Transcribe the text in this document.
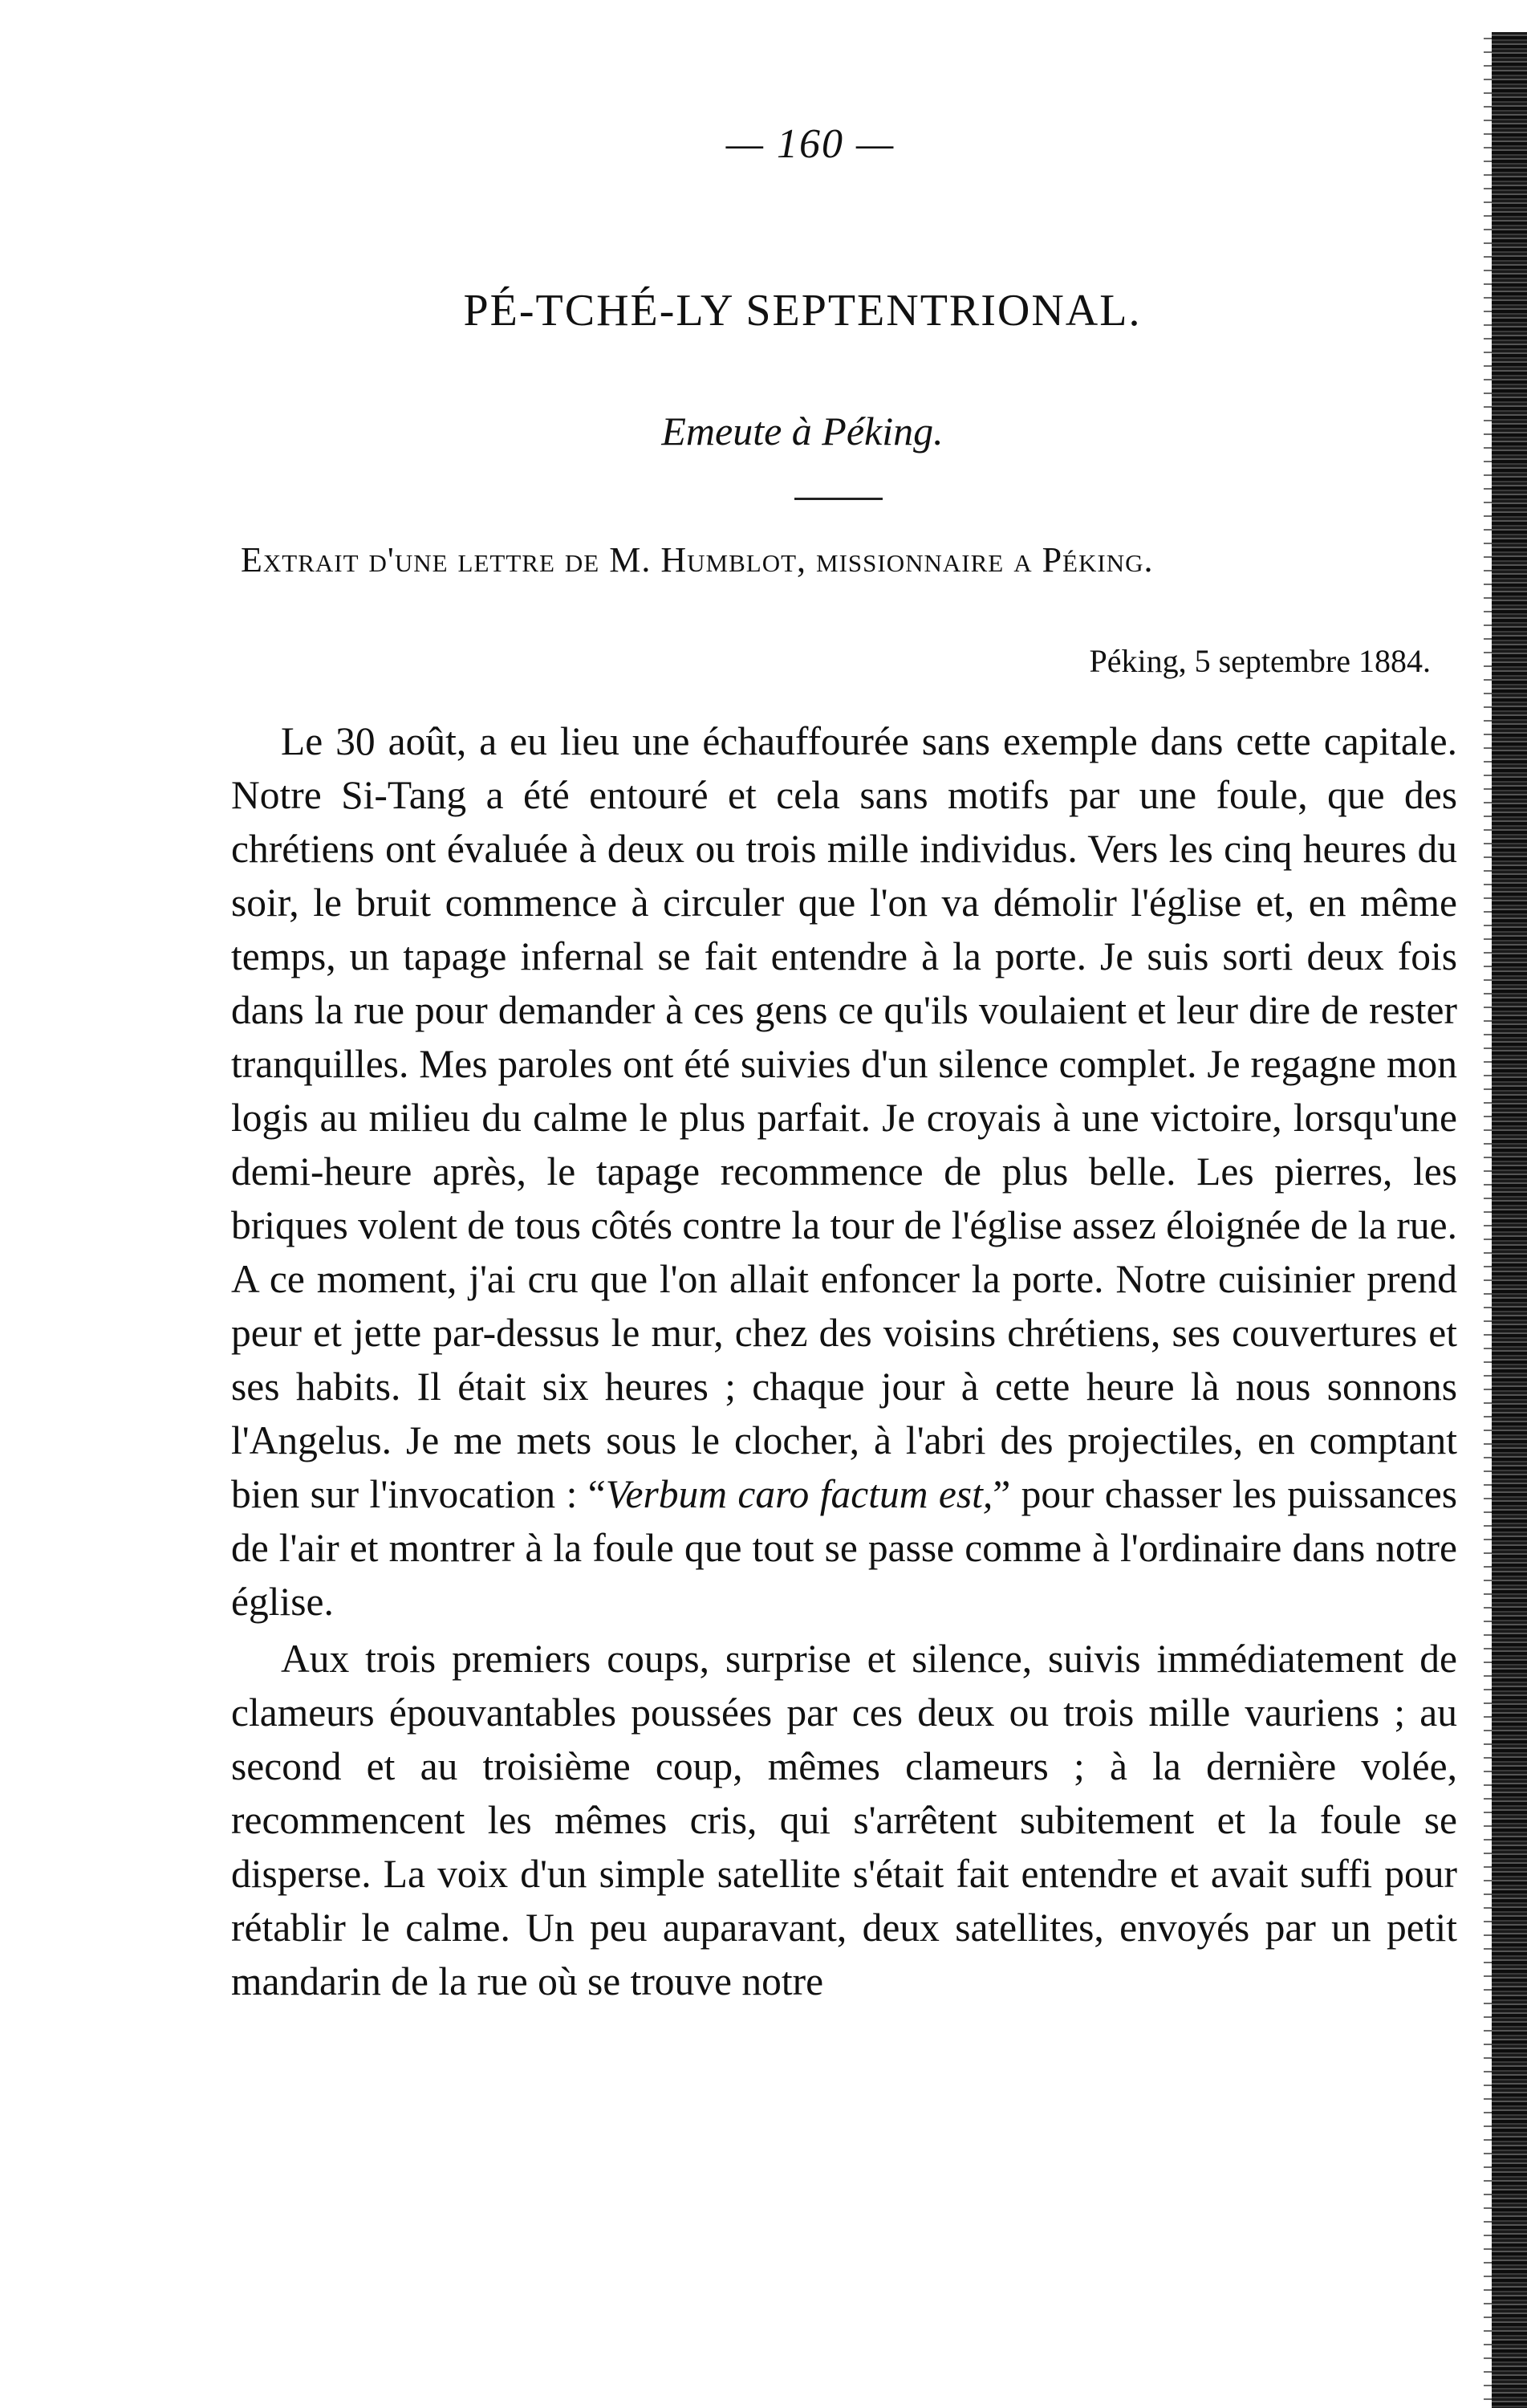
— 160 —
PÉ-TCHÉ-LY SEPTENTRIONAL.
Emeute à Péking.
Extrait d'une lettre de M. Humblot, missionnaire a Péking.
Péking, 5 septembre 1884.

Le 30 août, a eu lieu une échauffourée sans exemple dans cette capitale. Notre Si-Tang a été entouré et cela sans motifs par une foule, que des chrétiens ont évaluée à deux ou trois mille individus. Vers les cinq heures du soir, le bruit commence à circuler que l'on va démolir l'église et, en même temps, un tapage infernal se fait entendre à la porte. Je suis sorti deux fois dans la rue pour demander à ces gens ce qu'ils voulaient et leur dire de rester tranquilles. Mes paroles ont été suivies d'un silence complet. Je regagne mon logis au milieu du calme le plus parfait. Je croyais à une victoire, lorsqu'une demi-heure après, le tapage recommence de plus belle. Les pierres, les briques volent de tous côtés contre la tour de l'église assez éloignée de la rue. A ce moment, j'ai cru que l'on allait enfoncer la porte. Notre cuisinier prend peur et jette par-dessus le mur, chez des voisins chrétiens, ses couvertures et ses habits. Il était six heures ; chaque jour à cette heure là nous sonnons l'Angelus. Je me mets sous le clocher, à l'abri des projectiles, en comptant bien sur l'invocation : “Verbum caro factum est,” pour chasser les puissances de l'air et montrer à la foule que tout se passe comme à l'ordinaire dans notre église.

Aux trois premiers coups, surprise et silence, suivis immédiatement de clameurs épouvantables poussées par ces deux ou trois mille vauriens ; au second et au troisième coup, mêmes clameurs ; à la dernière volée, recommencent les mêmes cris, qui s'arrêtent subitement et la foule se disperse. La voix d'un simple satellite s'était fait entendre et avait suffi pour rétablir le calme. Un peu auparavant, deux satellites, envoyés par un petit mandarin de la rue où se trouve notre
